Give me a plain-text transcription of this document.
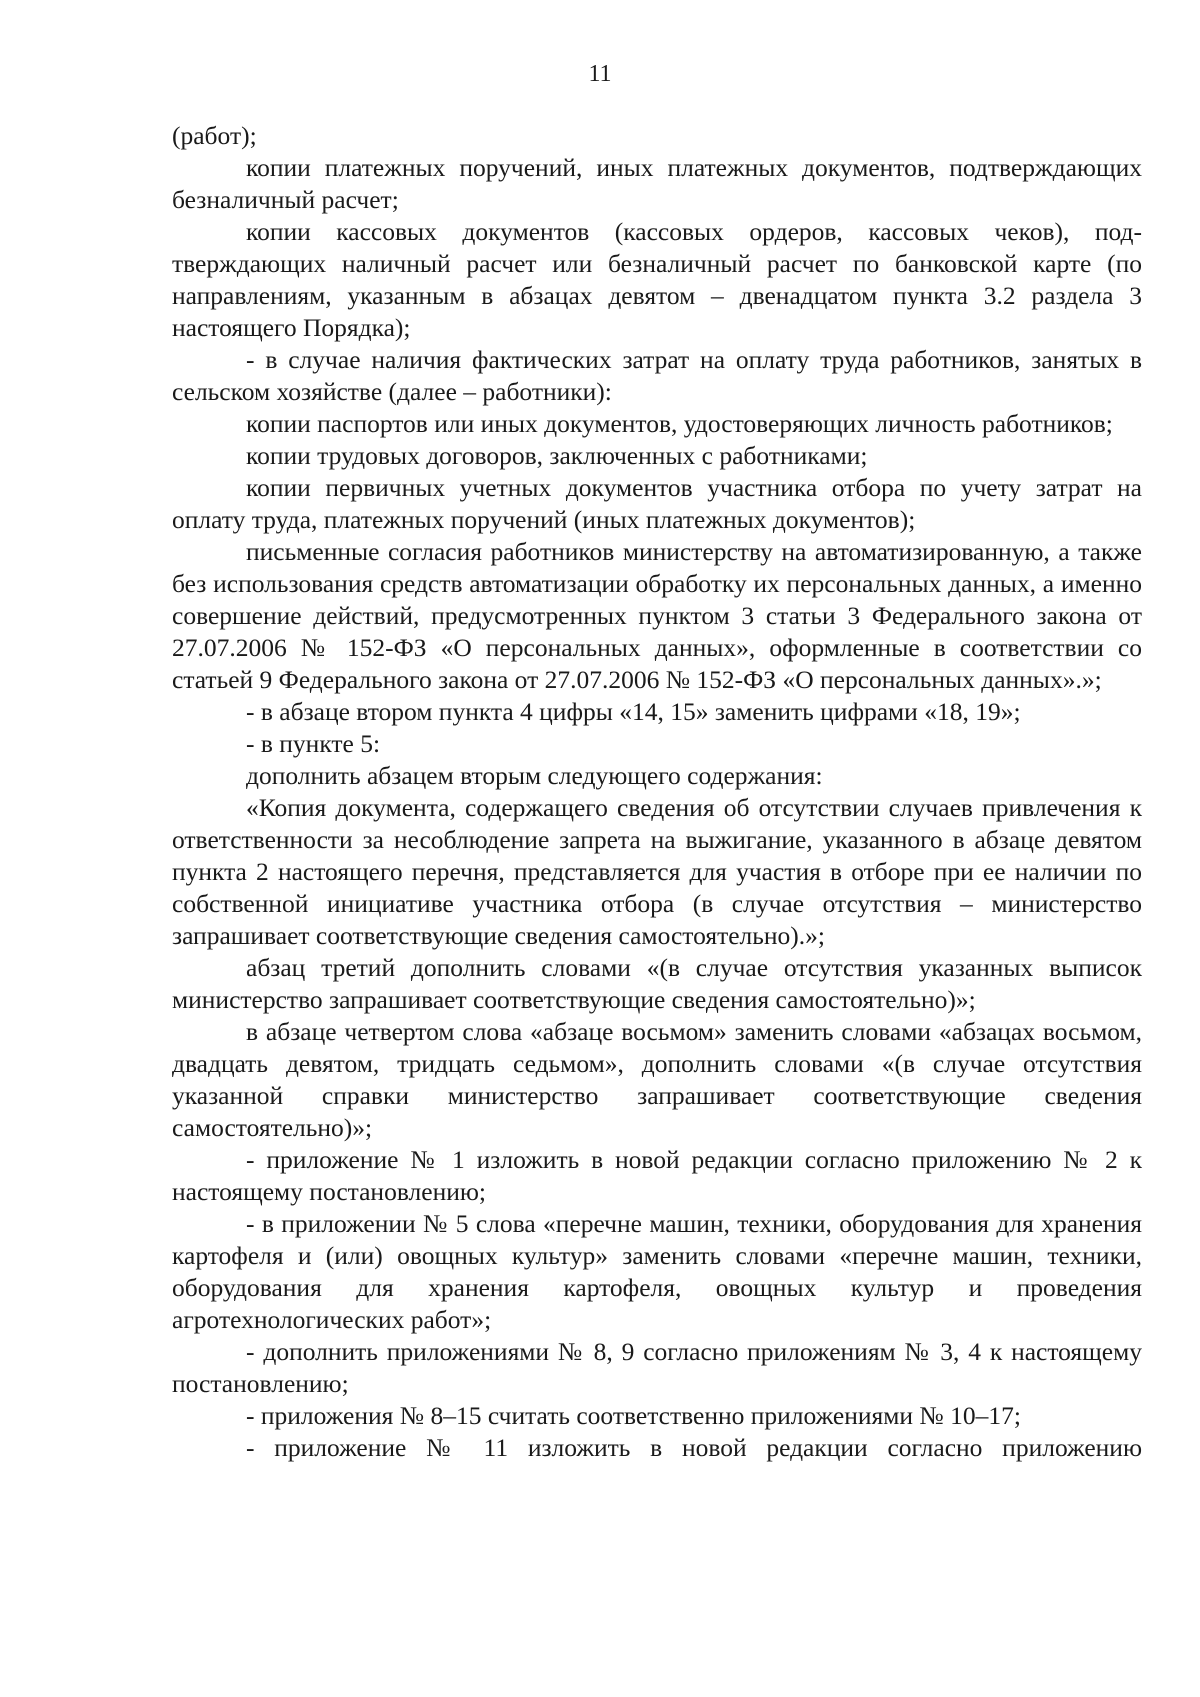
11

(работ);

копии платежных поручений, иных платежных документов, подтверждающих безналичный расчет;

копии кассовых документов (кассовых ордеров, кассовых чеков), подтверждающих наличный расчет или безналичный расчет по банковской карте (по направлениям, указанным в абзацах девятом – двенадцатом пункта 3.2 раздела 3 настоящего Порядка);

- в случае наличия фактических затрат на оплату труда работников, занятых в сельском хозяйстве (далее – работники):

копии паспортов или иных документов, удостоверяющих личность работников;

копии трудовых договоров, заключенных с работниками;

копии первичных учетных документов участника отбора по учету затрат на оплату труда, платежных поручений (иных платежных документов);

письменные согласия работников министерству на автоматизированную, а также без использования средств автоматизации обработку их персональных данных, а именно совершение действий, предусмотренных пунктом 3 статьи 3 Федерального закона от 27.07.2006 № 152-ФЗ «О персональных данных», оформленные в соответствии со статьей 9 Федерального закона от 27.07.2006 № 152-ФЗ «О персональных данных».»;

- в абзаце втором пункта 4 цифры «14, 15» заменить цифрами «18, 19»;

- в пункте 5:

дополнить абзацем вторым следующего содержания:

«Копия документа, содержащего сведения об отсутствии случаев привлечения к ответственности за несоблюдение запрета на выжигание, указанного в абзаце девятом пункта 2 настоящего перечня, представляется для участия в отборе при ее наличии по собственной инициативе участника отбора (в случае отсутствия – министерство запрашивает соответствующие сведения самостоятельно).»;

абзац третий дополнить словами «(в случае отсутствия указанных выписок министерство запрашивает соответствующие сведения самостоятельно)»;

в абзаце четвертом слова «абзаце восьмом» заменить словами «абзацах восьмом, двадцать девятом, тридцать седьмом», дополнить словами «(в случае отсутствия указанной справки министерство запрашивает соответствующие сведения самостоятельно)»;

- приложение № 1 изложить в новой редакции согласно приложению № 2 к настоящему постановлению;

- в приложении № 5 слова «перечне машин, техники, оборудования для хранения картофеля и (или) овощных культур» заменить словами «перечне машин, техники, оборудования для хранения картофеля, овощных культур и проведения агротехнологических работ»;

- дополнить приложениями № 8, 9 согласно приложениям № 3, 4 к настоящему постановлению;

- приложения № 8–15 считать соответственно приложениями № 10–17;

- приложение № 11 изложить в новой редакции согласно приложению
